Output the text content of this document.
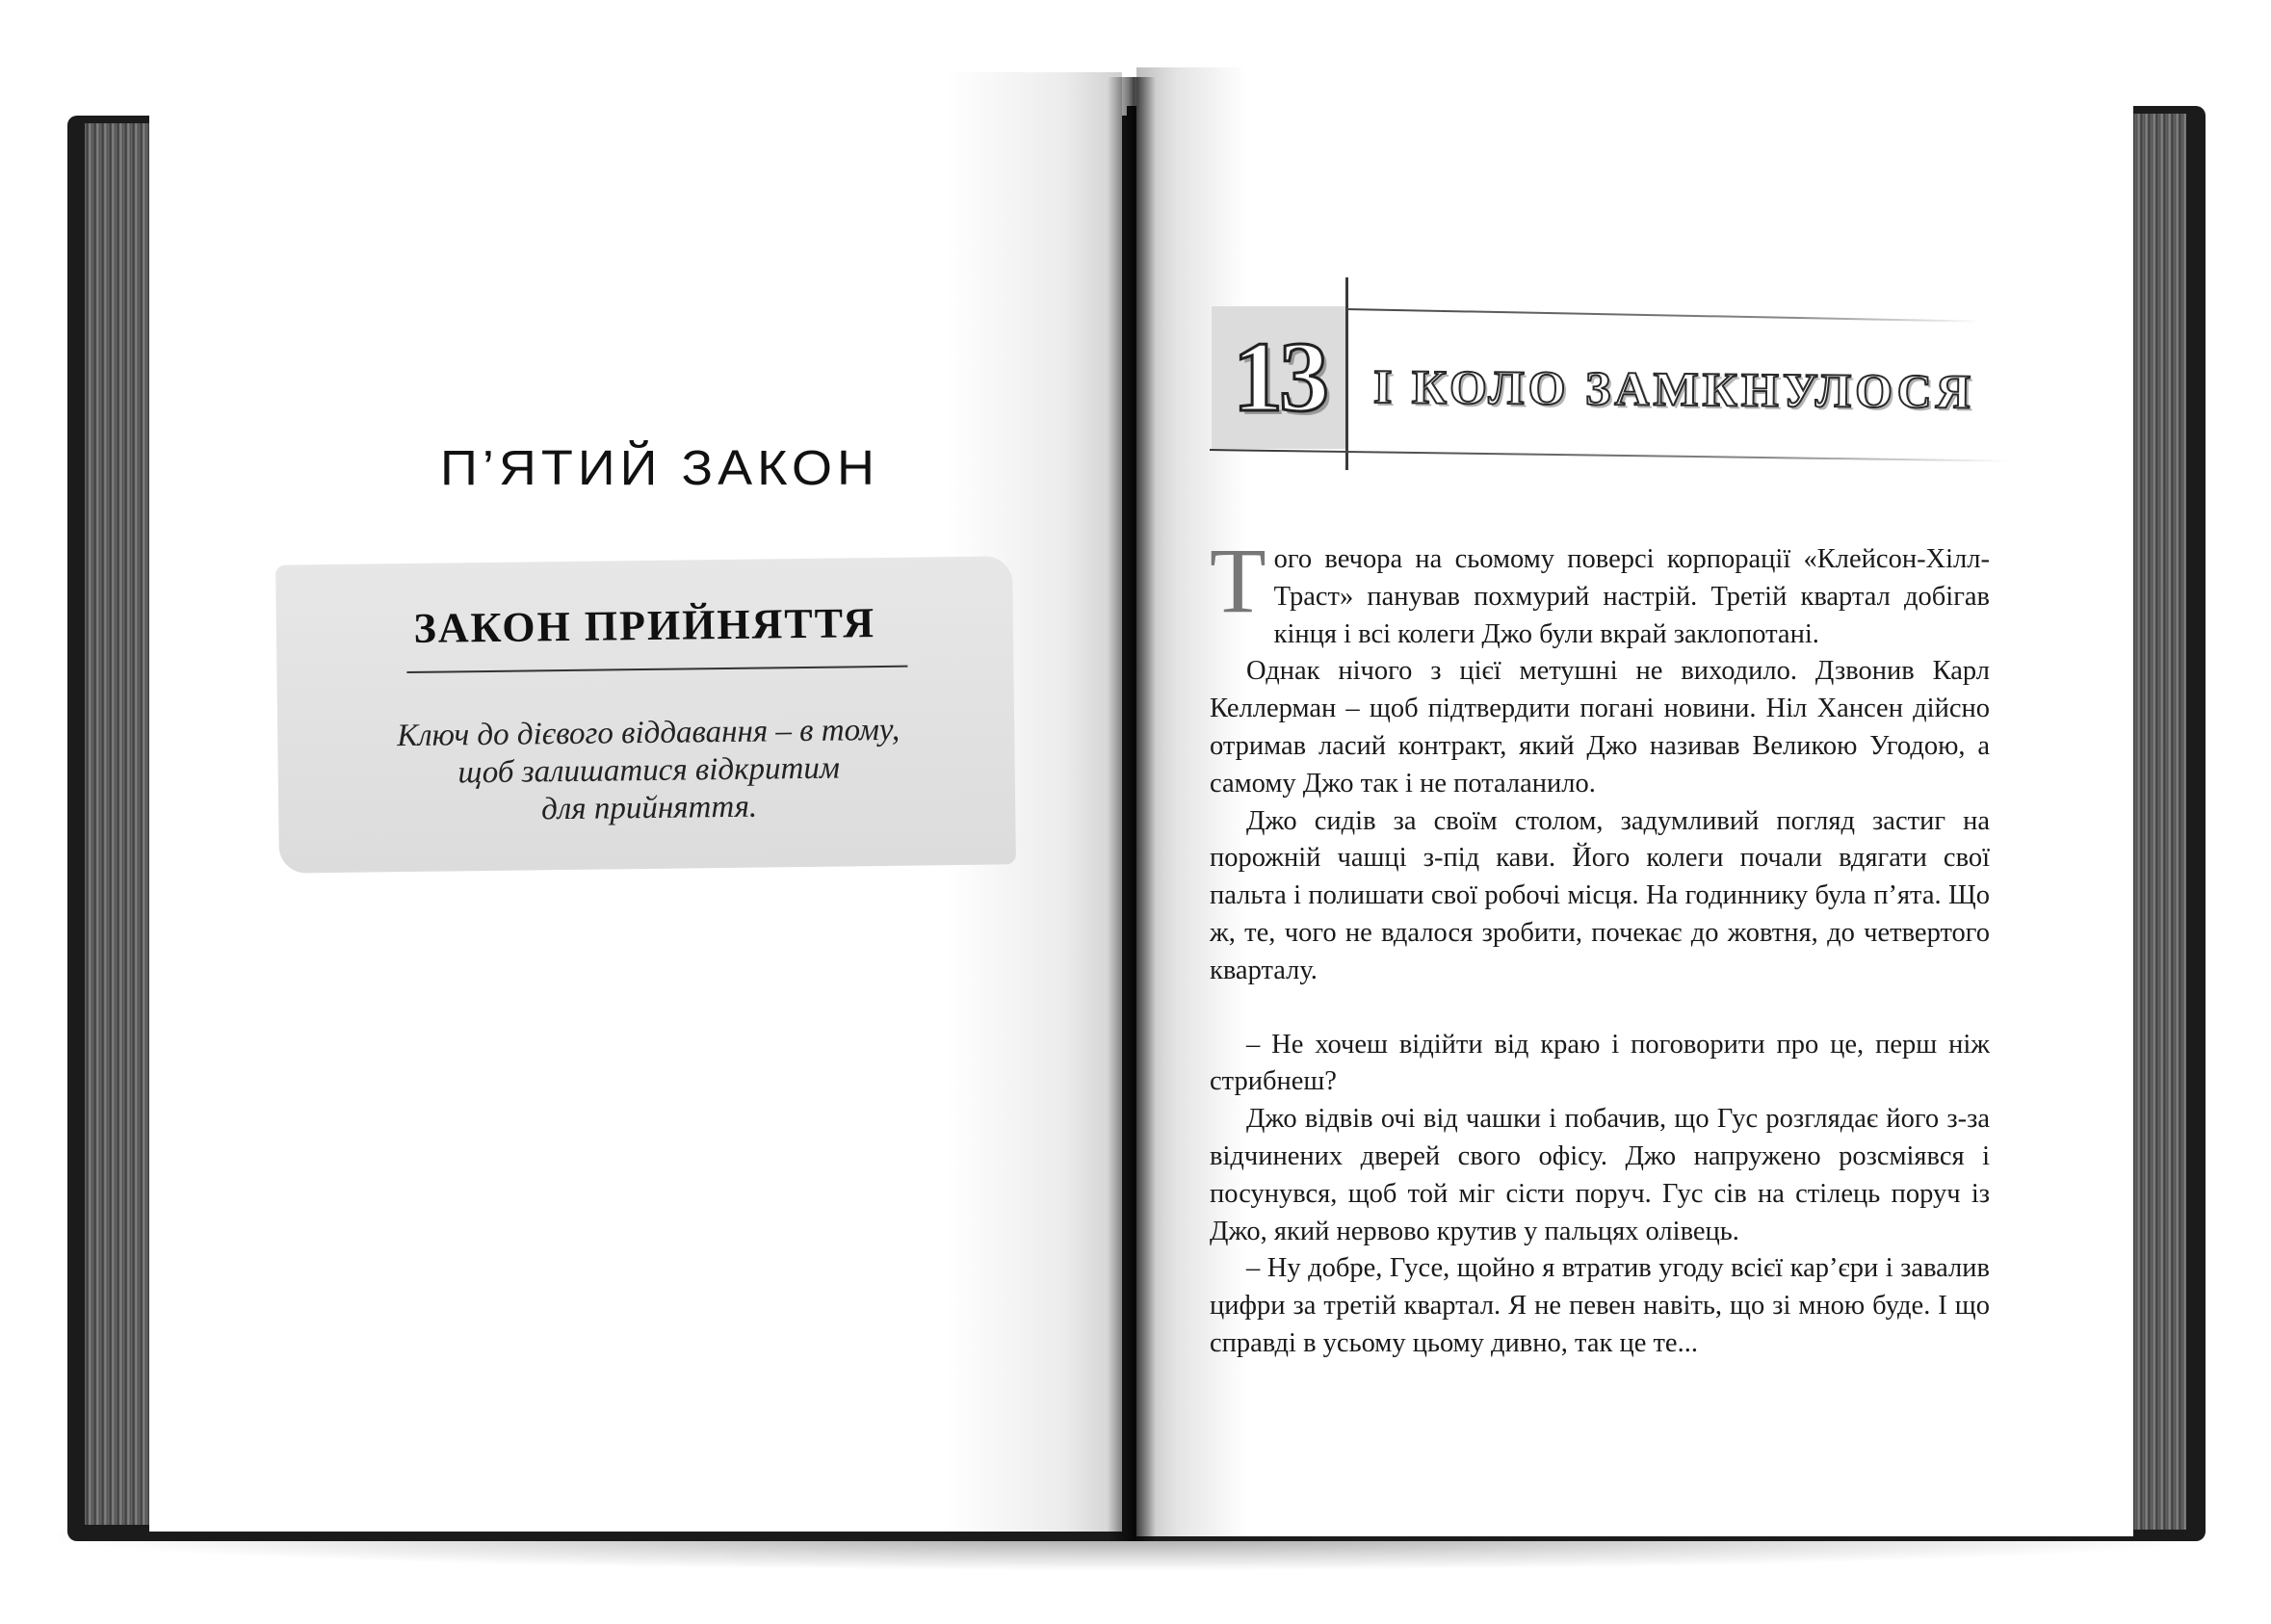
П’ЯТИЙ ЗАКОН
ЗАКОН ПРИЙНЯТТЯ
Ключ до дієвого віддавання – в тому,
щоб залишатися відкритим
для прийняття.
13 І КОЛО ЗАМКНУЛОСЯ

Того вечора на сьомому поверсі корпорації «Клейсон-Хілл-Траст» панував похмурий настрій. Третій квартал добігав кінця і всі колеги Джо були вкрай заклопотані.

Однак нічого з цієї метушні не виходило. Дзвонив Карл Келлерман – щоб підтвердити погані новини. Ніл Хансен дійсно отримав ласий контракт, який Джо називав Великою Угодою, а самому Джо так і не поталанило.

Джо сидів за своїм столом, задумливий погляд застиг на порожній чашці з-під кави. Його колеги почали вдягати свої пальта і полишати свої робочі місця. На годиннику була п’ята. Що ж, те, чого не вдалося зробити, почекає до жовтня, до четвертого кварталу.

– Не хочеш відійти від краю і поговорити про це, перш ніж стрибнеш?

Джо відвів очі від чашки і побачив, що Гус розглядає його з-за відчинених дверей свого офісу. Джо напружено розсміявся і посунувся, щоб той міг сісти поруч. Гус сів на стілець поруч із Джо, який нервово крутив у пальцях олівець.

– Ну добре, Гусе, щойно я втратив угоду всієї кар’єри і завалив цифри за третій квартал. Я не певен навіть, що зі мною буде. І що справді в усьому цьому дивно, так це те...
